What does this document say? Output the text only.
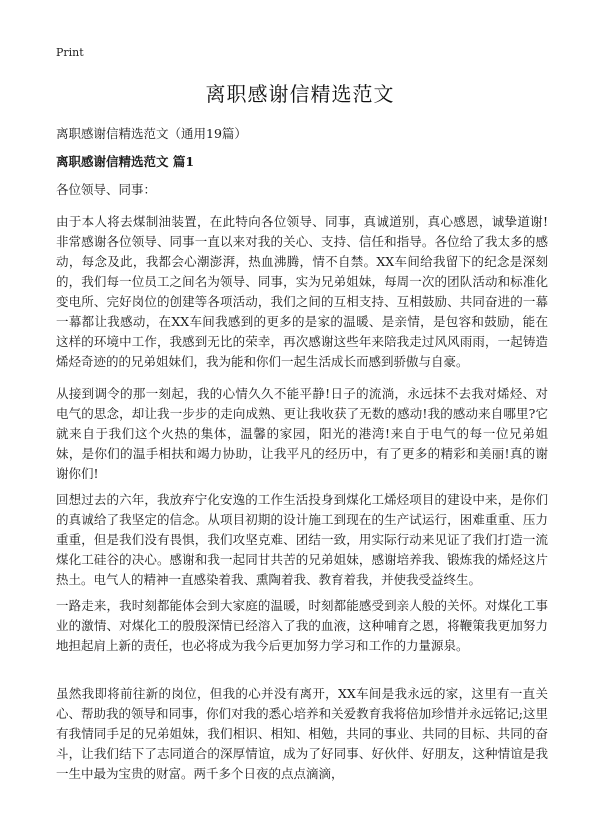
Print
离职感谢信精选范文
离职感谢信精选范文（通用19篇）
离职感谢信精选范文 篇1
各位领导、同事：

由于本人将去煤制油装置，在此特向各位领导、同事，真诚道别，真心感恩，诚挚道谢!非常感谢各位领导、同事一直以来对我的关心、支持、信任和指导。各位给了我太多的感动，每念及此，我都会心潮澎湃，热血沸腾，情不自禁。XX车间给我留下的纪念是深刻的，我们每一位员工之间名为领导、同事，实为兄弟姐妹，每周一次的团队活动和标准化变电所、完好岗位的创建等各项活动，我们之间的互相支持、互相鼓励、共同奋进的一幕一幕都让我感动，在XX车间我感到的更多的是家的温暖、是亲情，是包容和鼓励，能在这样的环境中工作，我感到无比的荣幸，再次感谢这些年来陪我走过风风雨雨，一起铸造烯烃奇迹的的兄弟姐妹们，我为能和你们一起生活成长而感到骄傲与自豪。

从接到调令的那一刻起，我的心情久久不能平静!日子的流淌，永远抹不去我对烯烃、对电气的思念，却让我一步步的走向成熟、更让我收获了无数的感动!我的感动来自哪里?它就来自于我们这个火热的集体，温馨的家园，阳光的港湾!来自于电气的每一位兄弟姐妹，是你们的温手相扶和竭力协助，让我平凡的经历中，有了更多的精彩和美丽!真的谢谢你们!

回想过去的六年，我放弃宁化安逸的工作生活投身到煤化工烯烃项目的建设中来，是你们的真诚给了我坚定的信念。从项目初期的设计施工到现在的生产试运行，困难重重、压力重重，但是我们没有畏惧，我们攻坚克难、团结一致，用实际行动来见证了我们打造一流煤化工硅谷的决心。感谢和我一起同甘共苦的兄弟姐妹，感谢培养我、锻炼我的烯烃这片热土。电气人的精神一直感染着我、熏陶着我、教育着我，并使我受益终生。

一路走来，我时刻都能体会到大家庭的温暖，时刻都能感受到亲人般的关怀。对煤化工事业的激情、对煤化工的殷殷深情已经溶入了我的血液，这种哺育之恩，将鞭策我更加努力地担起肩上新的责任，也必将成为我今后更加努力学习和工作的力量源泉。

虽然我即将前往新的岗位，但我的心并没有离开，XX车间是我永远的家，这里有一直关心、帮助我的领导和同事，你们对我的悉心培养和关爱教育我将倍加珍惜并永远铭记;这里有我情同手足的兄弟姐妹，我们相识、相知、相勉，共同的事业、共同的目标、共同的奋斗，让我们结下了志同道合的深厚情谊，成为了好同事、好伙伴、好朋友，这种情谊是我一生中最为宝贵的财富。两千多个日夜的点点滴滴，
